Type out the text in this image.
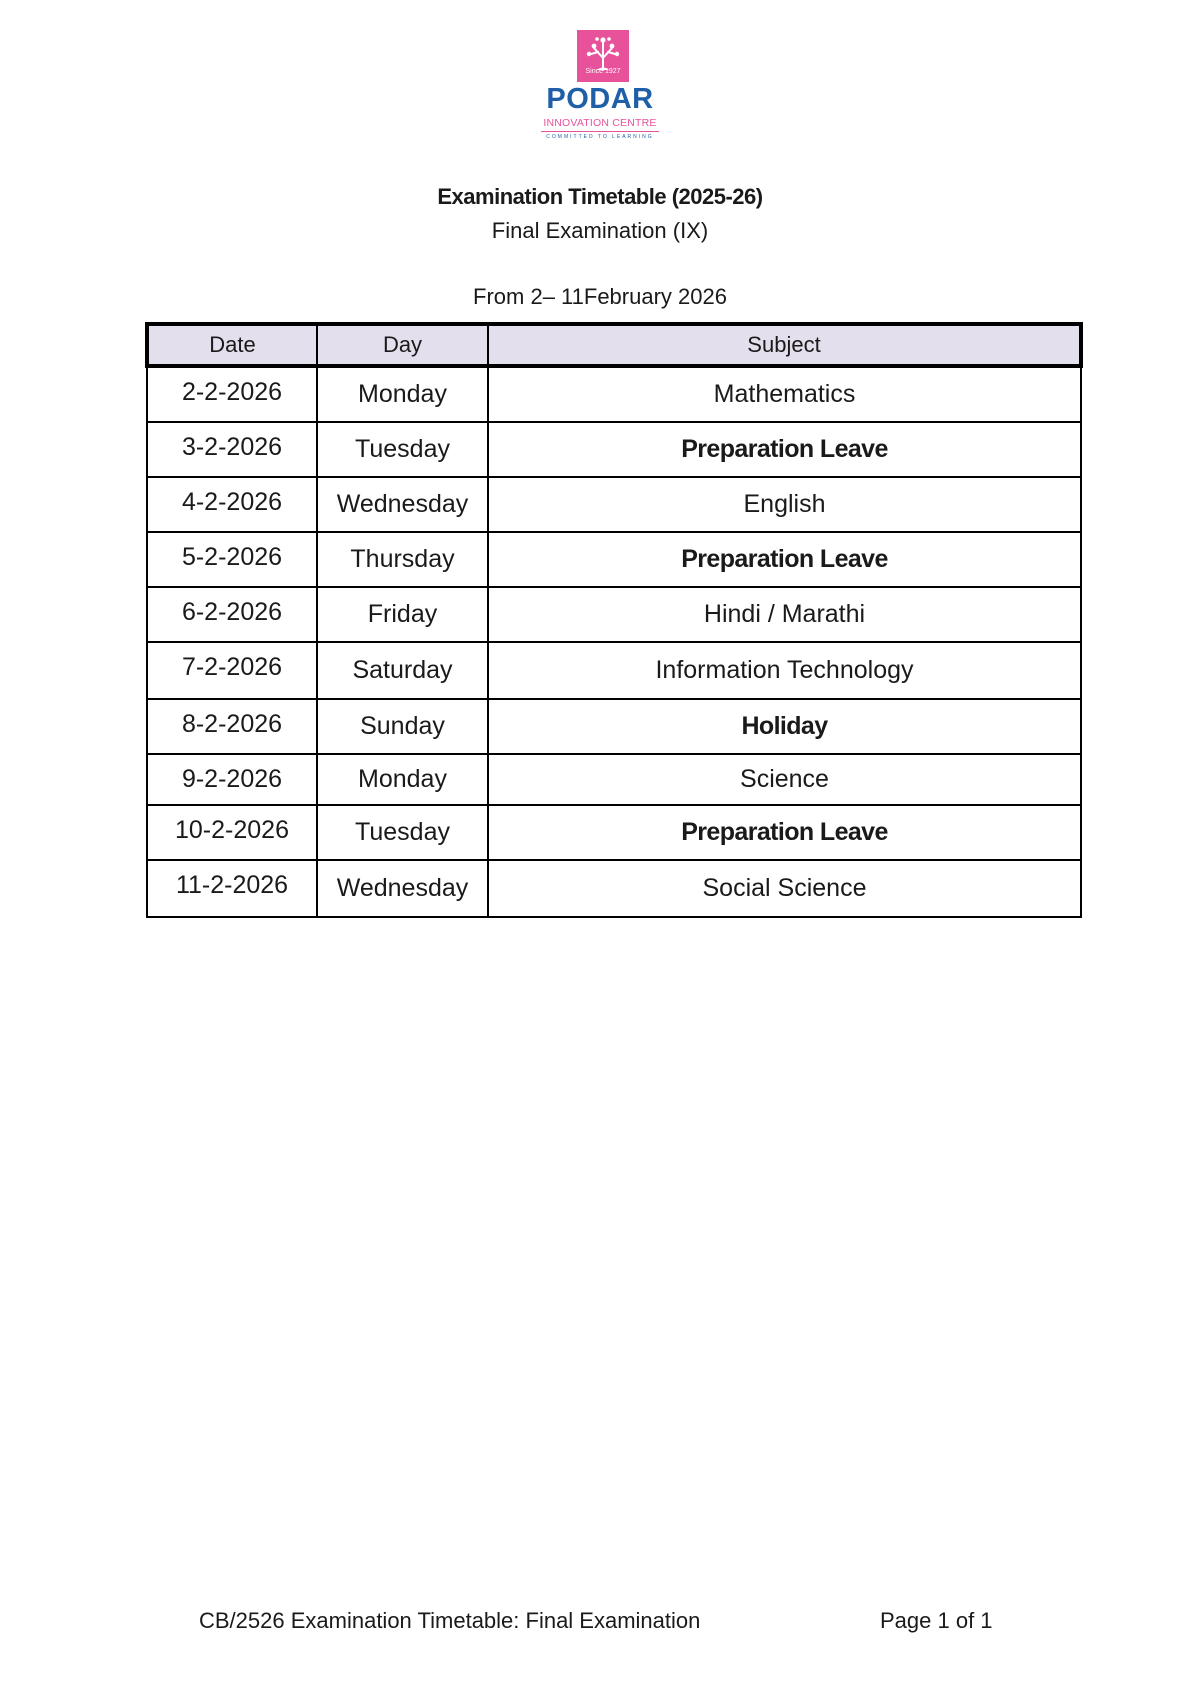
Since 1927
PODAR
INNOVATION CENTRE
COMMITTED TO LEARNING
Examination Timetable (2025-26)
Final Examination (IX)
From 2– 11February 2026
Date	Day	Subject
2-2-2026	Monday	Mathematics
3-2-2026	Tuesday	Preparation Leave
4-2-2026	Wednesday	English
5-2-2026	Thursday	Preparation Leave
6-2-2026	Friday	Hindi / Marathi
7-2-2026	Saturday	Information Technology
8-2-2026	Sunday	Holiday
9-2-2026	Monday	Science
10-2-2026	Tuesday	Preparation Leave
11-2-2026	Wednesday	Social Science
CB/2526 Examination Timetable: Final Examination	Page 1 of 1
